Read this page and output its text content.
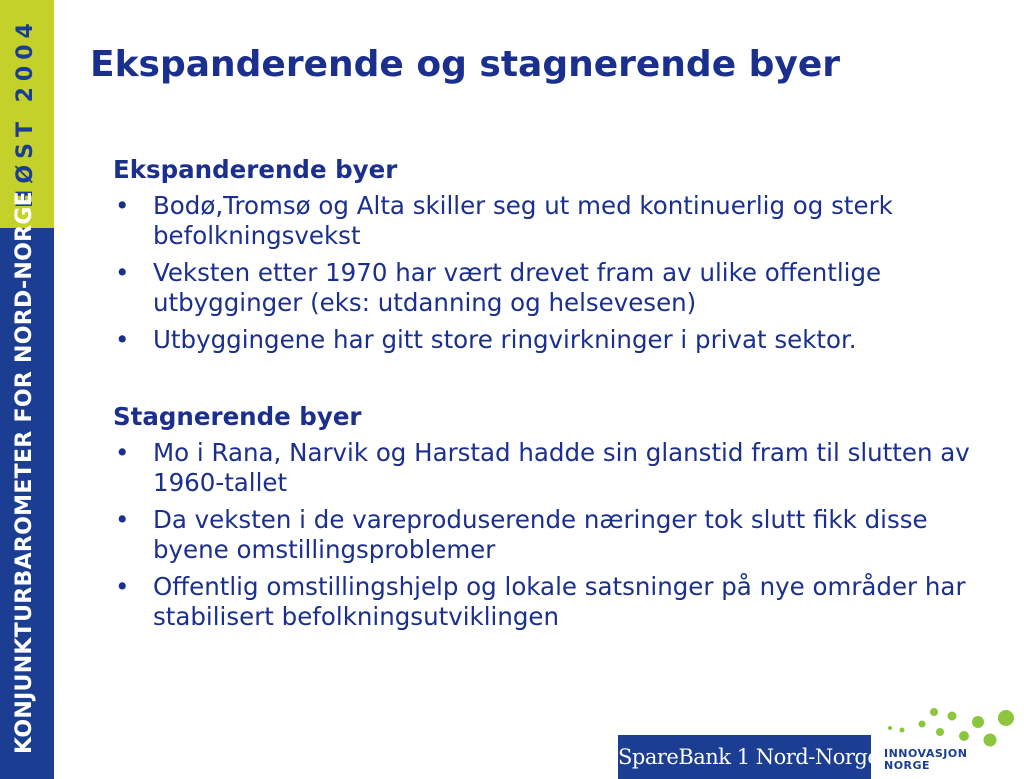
HØST 2004
KONJUNKTURBAROMETER FOR NORD-NORGE
Ekspanderende og stagnerende byer
Ekspanderende byer
• Bodø,Tromsø og Alta skiller seg ut med kontinuerlig og sterk befolkningsvekst
• Veksten etter 1970 har vært drevet fram av ulike offentlige utbygginger (eks: utdanning og helsevesen)
• Utbyggingene har gitt store ringvirkninger i privat sektor.
Stagnerende byer
• Mo i Rana, Narvik og Harstad hadde sin glanstid fram til slutten av 1960-tallet
• Da veksten i de vareproduserende næringer tok slutt fikk disse byene omstillingsproblemer
• Offentlig omstillingshjelp og lokale satsninger på nye områder har stabilisert befolkningsutviklingen
SpareBank 1 Nord-Norge INNOVASJON
NORGE
